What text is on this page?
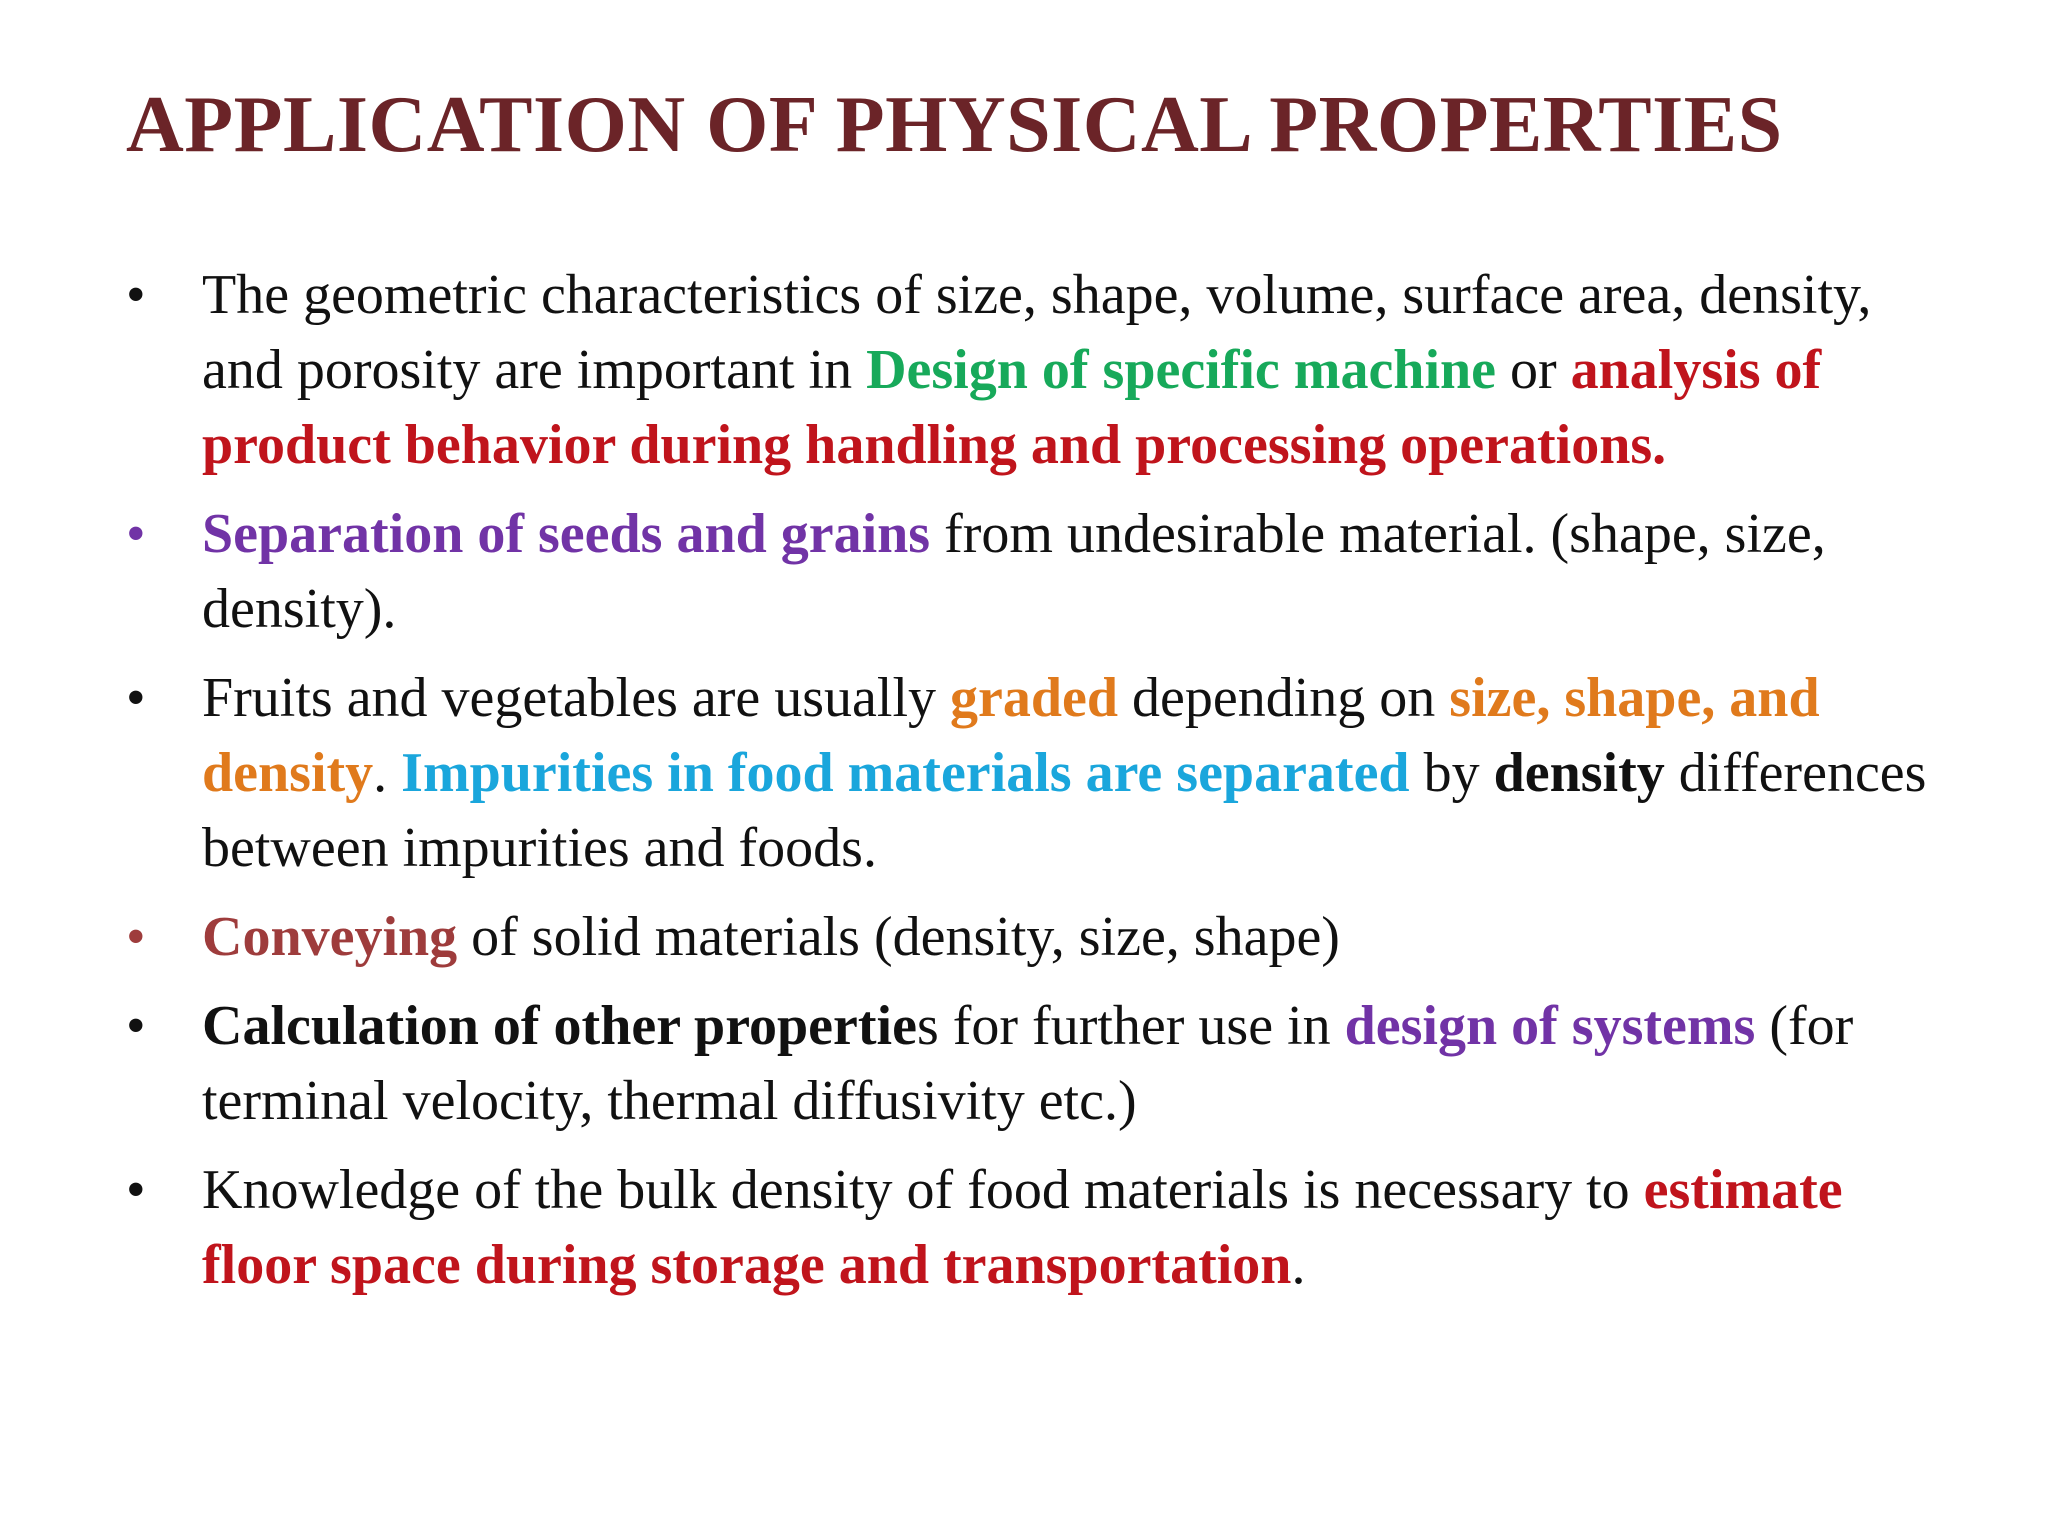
APPLICATION OF PHYSICAL PROPERTIES
• The geometric characteristics of size, shape, volume, surface area, density, and porosity are important in Design of specific machine or analysis of product behavior during handling and processing operations.
• Separation of seeds and grains from undesirable material. (shape, size, density).
• Fruits and vegetables are usually graded depending on size, shape, and density. Impurities in food materials are separated by density differences between impurities and foods.
• Conveying of solid materials (density, size, shape)
• Calculation of other properties for further use in design of systems (for terminal velocity, thermal diffusivity etc.)
• Knowledge of the bulk density of food materials is necessary to estimate floor space during storage and transportation.
